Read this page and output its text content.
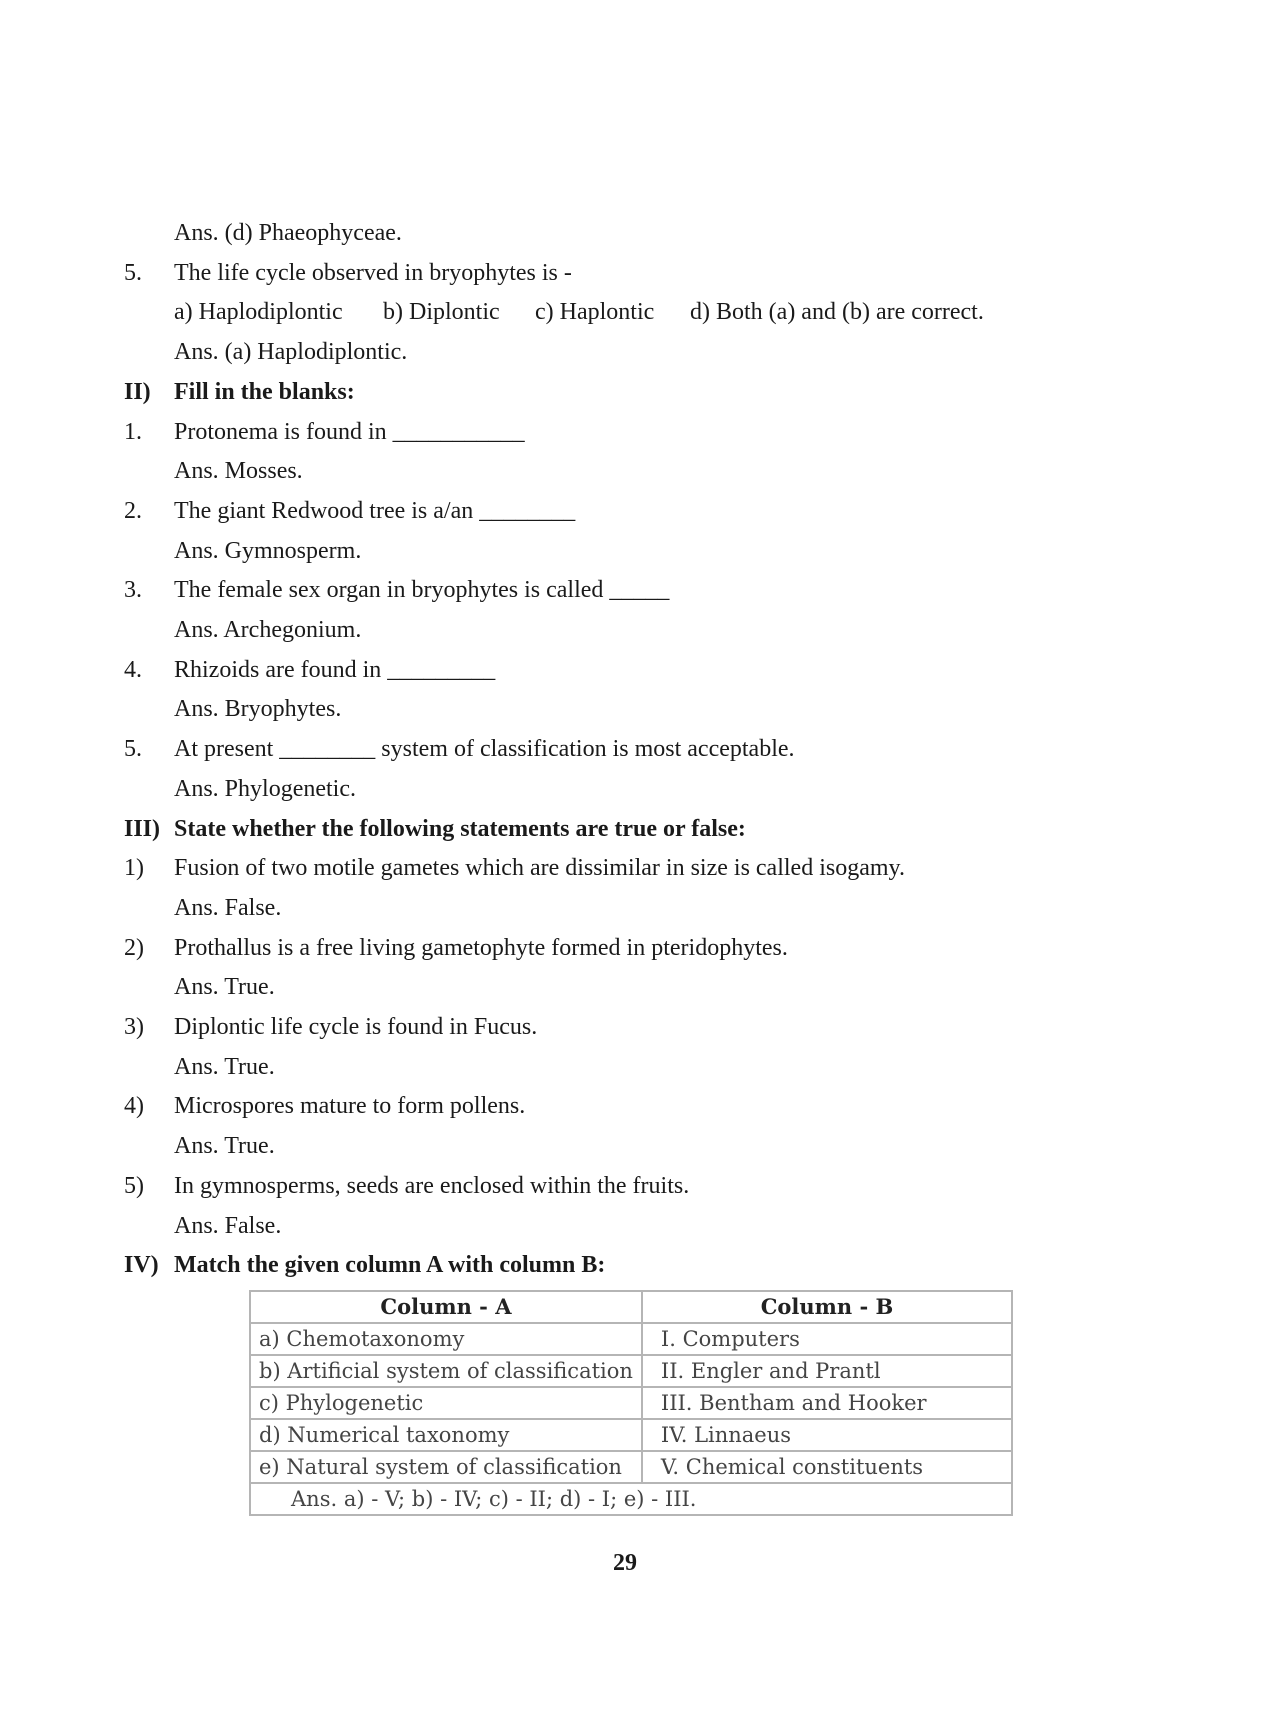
Ans. (d) Phaeophyceae.
5. The life cycle observed in bryophytes is -
a) Haplodiplontic b) Diplontic c) Haplontic d) Both (a) and (b) are correct.
Ans. (a) Haplodiplontic.
II) Fill in the blanks:
1. Protonema is found in ___________
Ans. Mosses.
2. The giant Redwood tree is a/an ________
Ans. Gymnosperm.
3. The female sex organ in bryophytes is called _____
Ans. Archegonium.
4. Rhizoids are found in _________
Ans. Bryophytes.
5. At present ________ system of classification is most acceptable.
Ans. Phylogenetic.
III) State whether the following statements are true or false:
1) Fusion of two motile gametes which are dissimilar in size is called isogamy.
Ans. False.
2) Prothallus is a free living gametophyte formed in pteridophytes.
Ans. True.
3) Diplontic life cycle is found in Fucus.
Ans. True.
4) Microspores mature to form pollens.
Ans. True.
5) In gymnosperms, seeds are enclosed within the fruits.
Ans. False.
IV) Match the given column A with column B:
Column - A	Column - B
a) Chemotaxonomy	I. Computers
b) Artificial system of classification	II. Engler and Prantl
c) Phylogenetic	III. Bentham and Hooker
d) Numerical taxonomy	IV. Linnaeus
e) Natural system of classification	V. Chemical constituents
Ans. a) - V; b) - IV; c) - II; d) - I; e) - III.	
29
